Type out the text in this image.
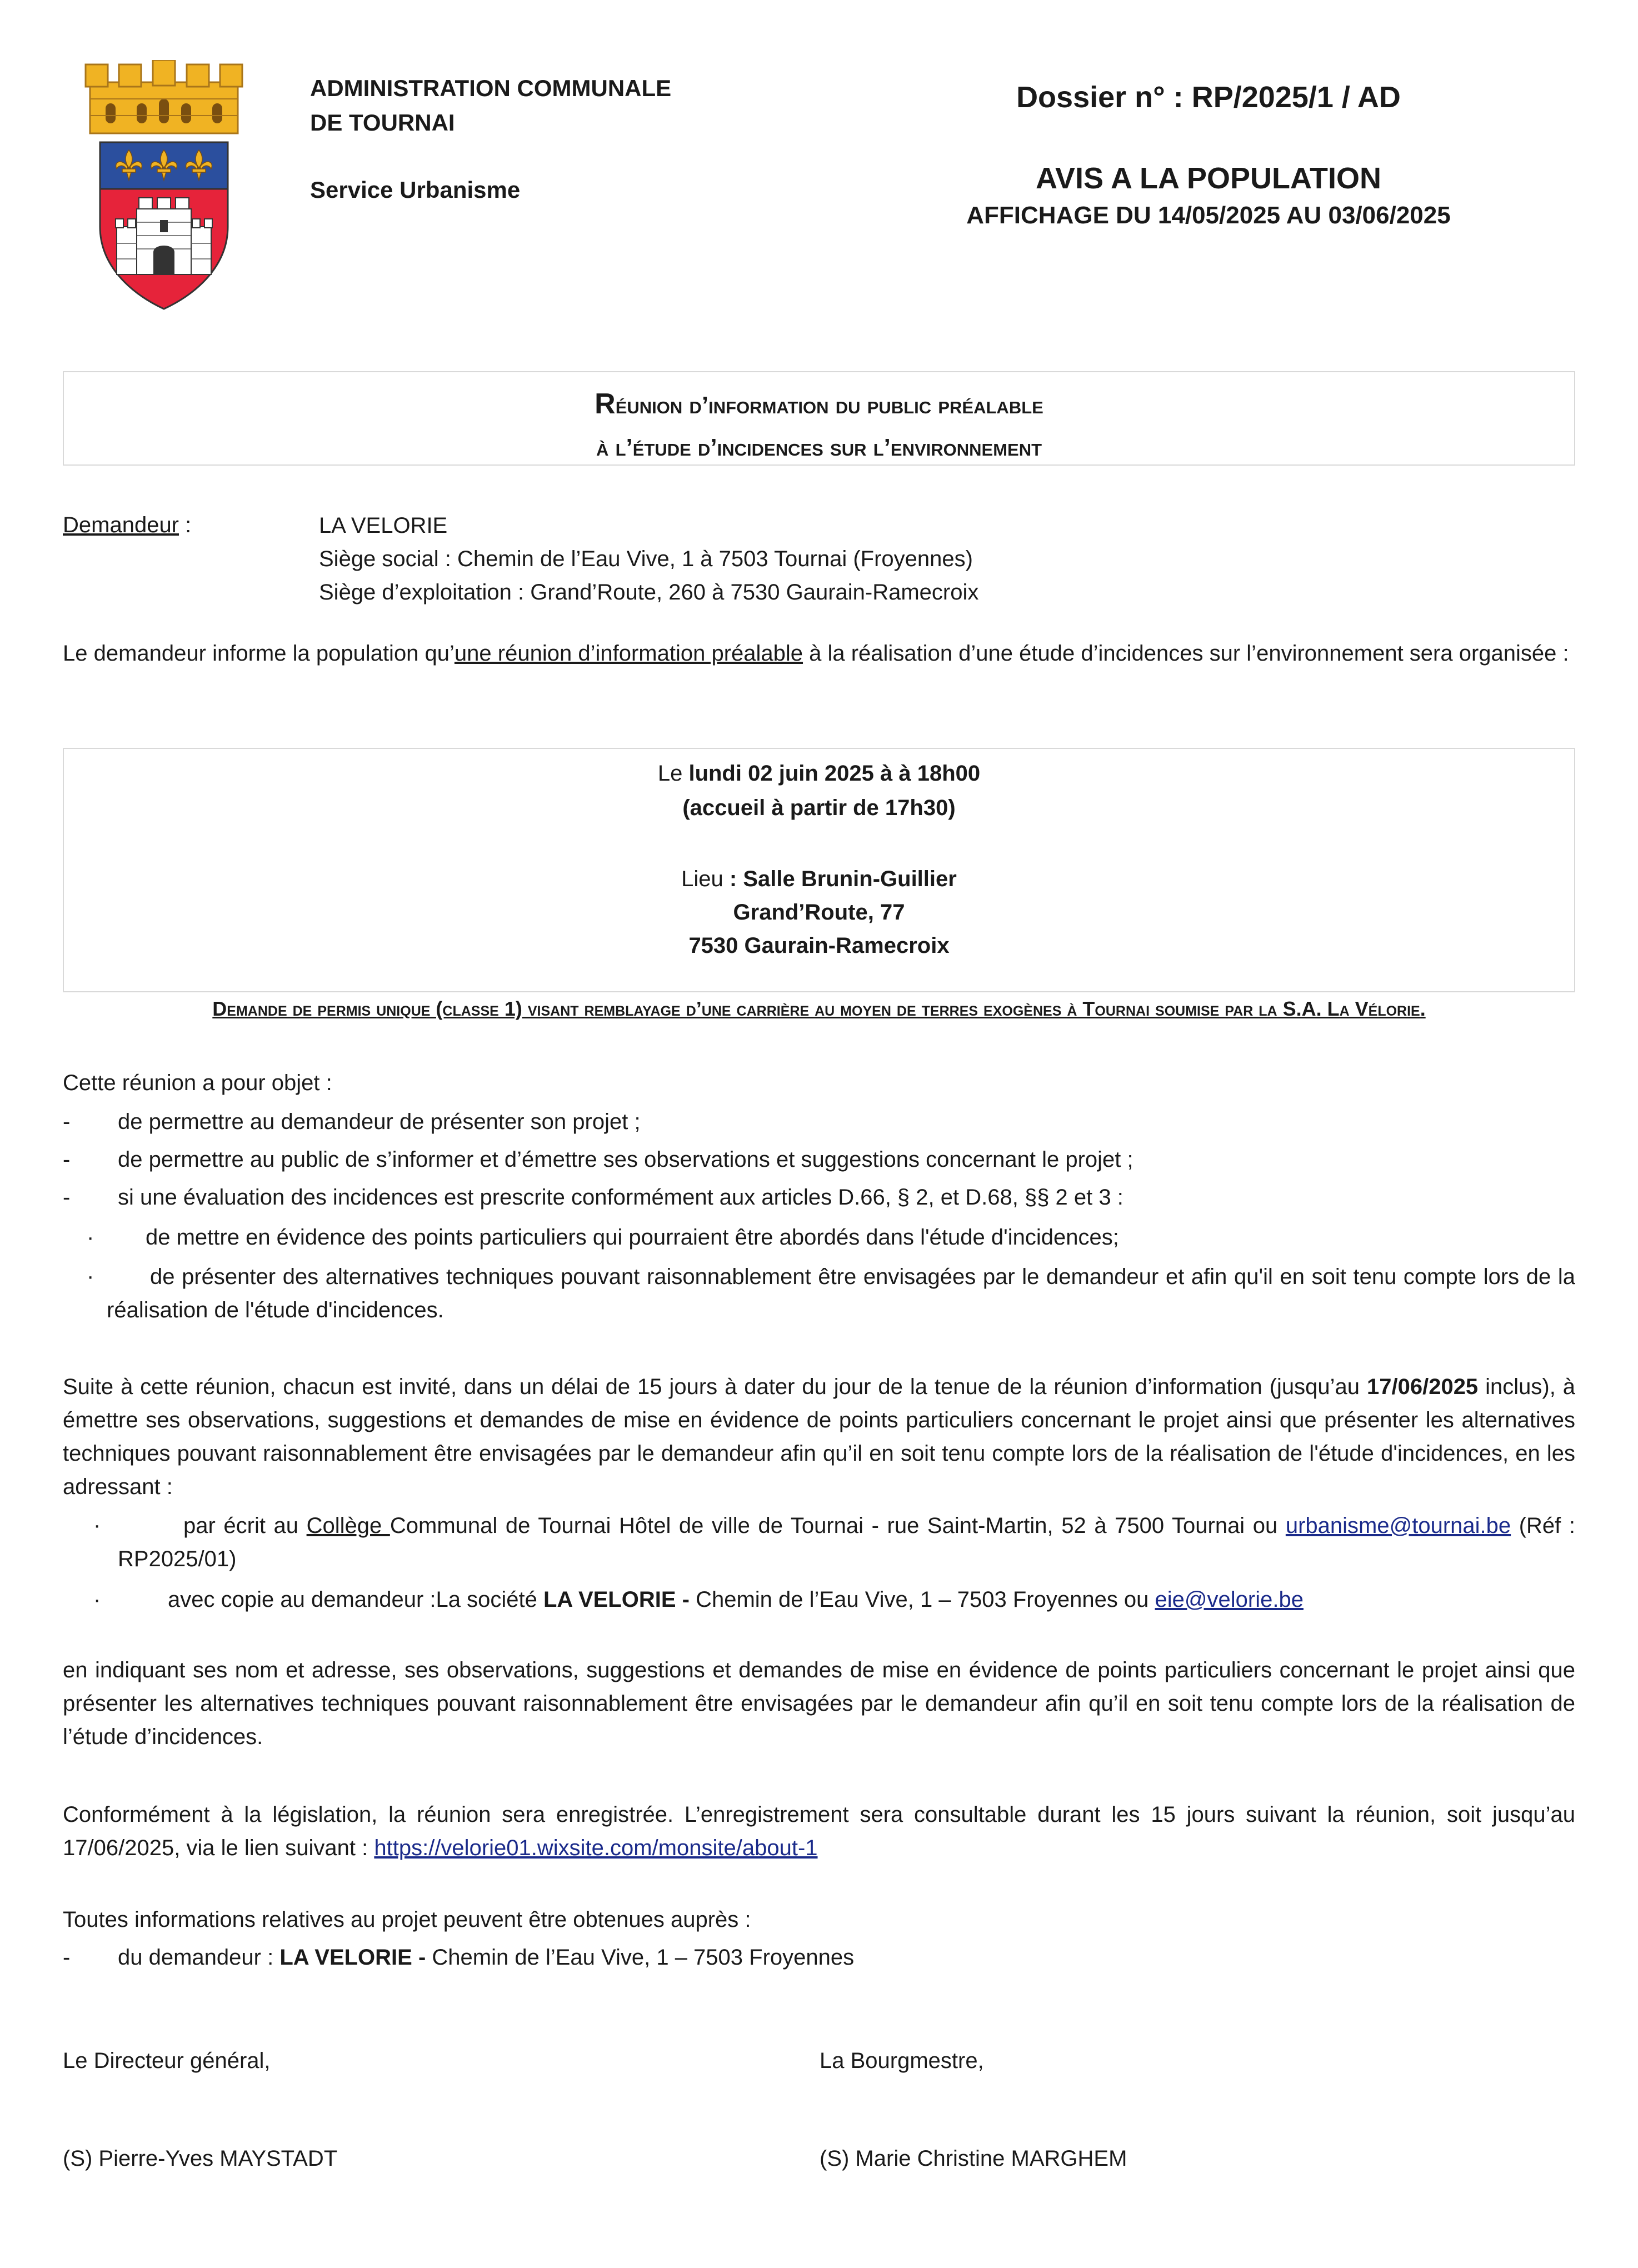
ADMINISTRATION COMMUNALE
DE TOURNAI
Service Urbanisme
Dossier n° : RP/2025/1 / AD
AVIS A LA POPULATION
AFFICHAGE DU 14/05/2025 AU 03/06/2025
Réunion d’information du public préalable
à l’étude d’incidences sur l’environnement
Demandeur :	LA VELORIE
Siège social : Chemin de l’Eau Vive, 1 à 7503 Tournai (Froyennes)
Siège d’exploitation : Grand’Route, 260 à 7530 Gaurain-Ramecroix
Le demandeur informe la population qu’une réunion d’information préalable à la réalisation d’une étude d’incidences sur l’environnement sera organisée :
Le lundi 02 juin 2025 à à 18h00
(accueil à partir de 17h30)
Lieu : Salle Brunin-Guillier
Grand’Route, 77
7530 Gaurain-Ramecroix
Demande de permis unique (classe 1) visant remblayage d’une carrière au moyen de terres exogènes à Tournai soumise par la S.A. La Vélorie.
Cette réunion a pour objet :
- de permettre au demandeur de présenter son projet ;
- de permettre au public de s’informer et d’émettre ses observations et suggestions concernant le projet ;
- si une évaluation des incidences est prescrite conformément aux articles D.66, § 2, et D.68, §§ 2 et 3 :
· de mettre en évidence des points particuliers qui pourraient être abordés dans l'étude d'incidences;
·	de présenter des alternatives techniques pouvant raisonnablement être envisagées par le demandeur et afin qu'il en soit tenu compte lors de la réalisation de l'étude d'incidences.
Suite à cette réunion, chacun est invité, dans un délai de 15 jours à dater du jour de la tenue de la réunion d’information (jusqu’au 17/06/2025 inclus), à émettre ses observations, suggestions et demandes de mise en évidence de points particuliers concernant le projet ainsi que présenter les alternatives techniques pouvant raisonnablement être envisagées par le demandeur afin qu’il en soit tenu compte lors de la réalisation de l'étude d'incidences, en les adressant :
·	par écrit au Collège Communal de Tournai Hôtel de ville de Tournai - rue Saint-Martin, 52 à 7500 Tournai ou urbanisme@tournai.be (Réf : RP2025/01)
·	avec copie au demandeur :La société LA VELORIE - Chemin de l’Eau Vive, 1 – 7503 Froyennes ou eie@velorie.be
en indiquant ses nom et adresse, ses observations, suggestions et demandes de mise en évidence de points particuliers concernant le projet ainsi que présenter les alternatives techniques pouvant raisonnablement être envisagées par le demandeur afin qu’il en soit tenu compte lors de la réalisation de l’étude d’incidences.
Conformément à la législation, la réunion sera enregistrée. L’enregistrement sera consultable durant les 15 jours suivant la réunion, soit jusqu’au 17/06/2025, via le lien suivant : https://velorie01.wixsite.com/monsite/about-1
Toutes informations relatives au projet peuvent être obtenues auprès :
- du demandeur : LA VELORIE - Chemin de l’Eau Vive, 1 – 7503 Froyennes
Le Directeur général,	La Bourgmestre,
(S) Pierre-Yves MAYSTADT	(S) Marie Christine MARGHEM
